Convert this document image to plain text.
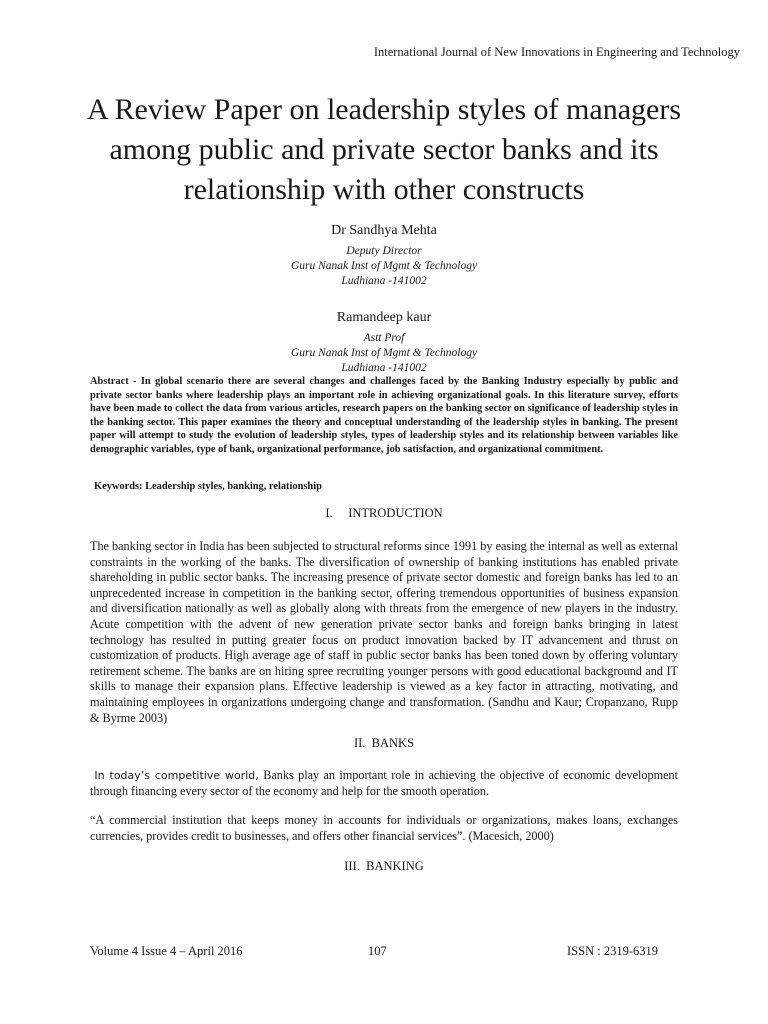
International Journal of New Innovations in Engineering and Technology
A Review Paper on leadership styles of managers among public and private sector banks and its relationship with other constructs
Dr Sandhya Mehta
Deputy Director
Guru Nanak Inst of Mgmt & Technology
Ludhiana -141002
Ramandeep kaur
Astt Prof
Guru Nanak Inst of Mgmt & Technology
Ludhiana -141002
Abstract - In global scenario there are several changes and challenges faced by the Banking Industry especially by public and private sector banks where leadership plays an important role in achieving organizational goals. In this literature survey, efforts have been made to collect the data from various articles, research papers on the banking sector on significance of leadership styles in the banking sector. This paper examines the theory and conceptual understanding of the leadership styles in banking. The present paper will attempt to study the evolution of leadership styles, types of leadership styles and its relationship between variables like demographic variables, type of bank, organizational performance, job satisfaction, and organizational commitment.
Keywords: Leadership styles, banking, relationship
I.     INTRODUCTION
The banking sector in India has been subjected to structural reforms since 1991 by easing the internal as well as external constraints in the working of the banks. The diversification of ownership of banking institutions has enabled private shareholding in public sector banks. The increasing presence of private sector domestic and foreign banks has led to an unprecedented increase in competition in the banking sector, offering tremendous opportunities of business expansion and diversification nationally as well as globally along with threats from the emergence of new players in the industry. Acute competition with the advent of new generation private sector banks and foreign banks bringing in latest technology has resulted in putting greater focus on product innovation backed by IT advancement and thrust on customization of products. High average age of staff in public sector banks has been toned down by offering voluntary retirement scheme. The banks are on hiring spree recruiting younger persons with good educational background and IT skills to manage their expansion plans. Effective leadership is viewed as a key factor in attracting, motivating, and maintaining employees in organizations undergoing change and transformation. (Sandhu and Kaur; Cropanzano, Rupp & Byrme 2003)
II.  BANKS
In today’s competitive world, Banks play an important role in achieving the objective of economic development through financing every sector of the economy and help for the smooth operation.
“A commercial institution that keeps money in accounts for individuals or organizations, makes loans, exchanges currencies, provides credit to businesses, and offers other financial services”. (Macesich, 2000)
III.  BANKING
Volume 4 Issue 4 – April 2016	107	ISSN : 2319-6319
